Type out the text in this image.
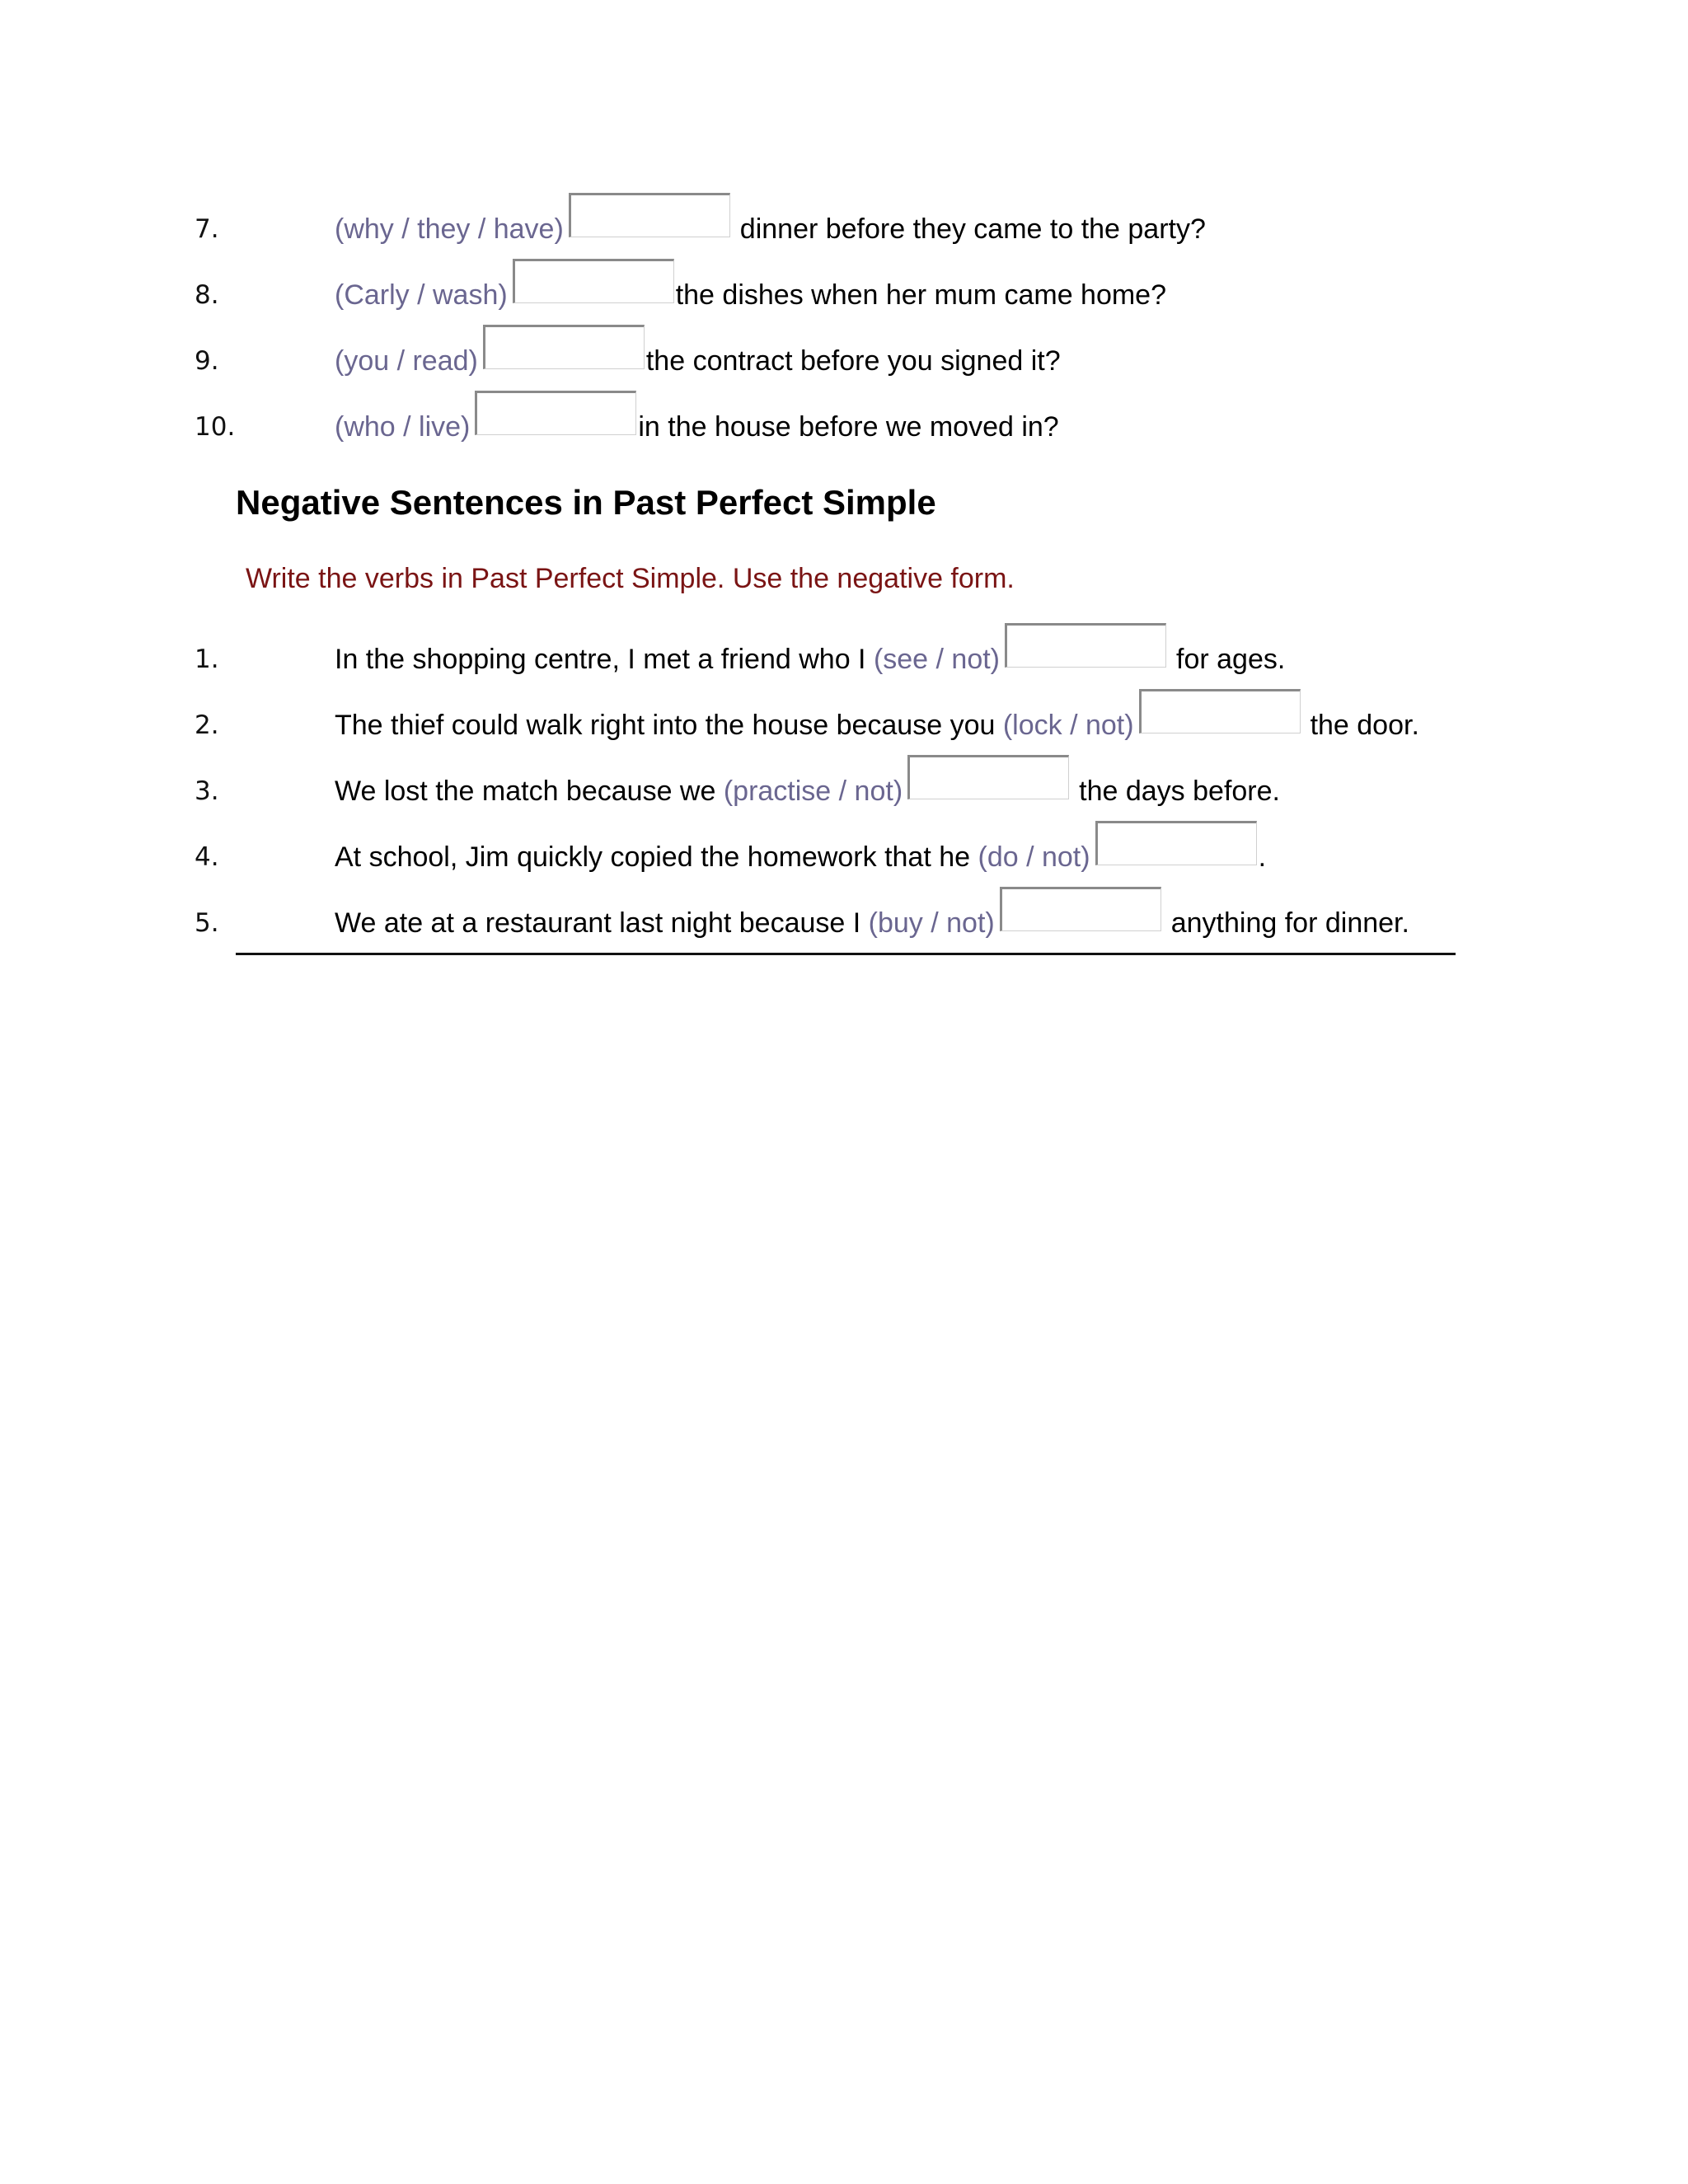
7.	(why / they / have)	dinner before they came to the party?
8.	(Carly / wash)	the dishes when her mum came home?
9.	(you / read)	the contract before you signed it?
10.	(who / live)	in the house before we moved in?
Negative Sentences in Past Perfect Simple
Write the verbs in Past Perfect Simple. Use the negative form.
1.	In the shopping centre, I met a friend who I (see / not)	for ages.
2.	The thief could walk right into the house because you (lock / not)	the door.
3.	We lost the match because we (practise / not)	the days before.
4.	At school, Jim quickly copied the homework that he (do / not)	.
5.	We ate at a restaurant last night because I (buy / not)	anything for dinner.
